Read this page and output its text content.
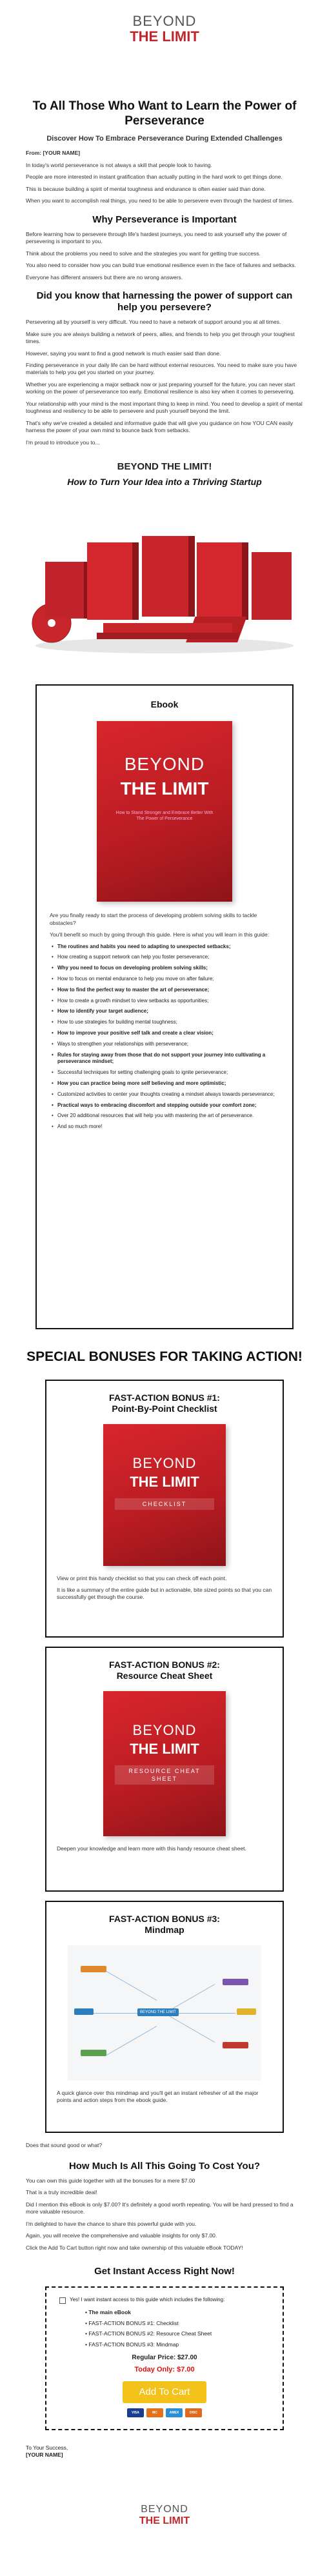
BEYOND
THE LIMIT
To All Those Who Want to Learn the Power of Perseverance
Discover How To Embrace Perseverance During Extended Challenges

From: [YOUR NAME]

In today's world perseverance is not always a skill that people look to having.

People are more interested in instant gratification than actually putting in the hard work to get things done.

This is because building a spirit of mental toughness and endurance is often easier said than done.

When you want to accomplish real things, you need to be able to persevere even through the hardest of times.

Why Perseverance is Important

Before learning how to persevere through life's hardest journeys, you need to ask yourself why the power of persevering is important to you.

Think about the problems you need to solve and the strategies you want for getting true success.

You also need to consider how you can build true emotional resilience even in the face of failures and setbacks.

Everyone has different answers but there are no wrong answers.

Did you know that harnessing the power of support can help you persevere?

Persevering all by yourself is very difficult. You need to have a network of support around you at all times.

Make sure you are always building a network of peers, allies, and friends to help you get through your toughest times.

However, saying you want to find a good network is much easier said than done.

Finding perseverance in your daily life can be hard without external resources. You need to make sure you have materials to help you get you started on your journey.

Whether you are experiencing a major setback now or just preparing yourself for the future, you can never start working on the power of perseverance too early. Emotional resilience is also key when it comes to persevering.

Your relationship with your mind is the most important thing to keep in mind. You need to develop a spirit of mental toughness and resiliency to be able to persevere and push yourself beyond the limit.

That's why we've created a detailed and informative guide that will give you guidance on how YOU CAN easily harness the power of your own mind to bounce back from setbacks.

I'm proud to introduce you to...

BEYOND THE LIMIT!
How to Turn Your Idea into a Thriving Startup
Ebook
BEYOND
THE LIMIT
How to Stand Stronger and Embrace Better With The Power of Perseverance

Are you finally ready to start the process of developing problem solving skills to tackle obstacles?

You'll benefit so much by going through this guide. Here is what you will learn in this guide:

• The routines and habits you need to adapting to unexpected setbacks;
• How creating a support network can help you foster perseverance;
• Why you need to focus on developing problem solving skills;
• How to focus on mental endurance to help you move on after failure;
• How to find the perfect way to master the art of perseverance;
• How to create a growth mindset to view setbacks as opportunities;
• How to identify your target audience;
• How to use strategies for building mental toughness;
• How to improve your positive self talk and create a clear vision;
• Ways to strengthen your relationships with perseverance;
• Rules for staying away from those that do not support your journey into cultivating a perseverance mindset;
• Successful techniques for setting challenging goals to ignite perseverance;
• How you can practice being more self believing and more optimistic;
• Customized activities to center your thoughts creating a mindset always towards perseverance;
• Practical ways to embracing discomfort and stepping outside your comfort zone;
• Over 20 additional resources that will help you with mastering the art of perseverance.
• And so much more!
SPECIAL BONUSES FOR TAKING ACTION!
FAST-ACTION BONUS #1:
Point-By-Point Checklist
BEYOND
THE LIMIT
CHECKLIST

View or print this handy checklist so that you can check off each point.

It is like a summary of the entire guide but in actionable, bite sized points so that you can successfully get through the course.

FAST-ACTION BONUS #2:
Resource Cheat Sheet
BEYOND
THE LIMIT
RESOURCE CHEAT SHEET

Deepen your knowledge and learn more with this handy resource cheat sheet.

FAST-ACTION BONUS #3:
Mindmap
BEYOND THE LIMIT

A quick glance over this mindmap and you'll get an instant refresher of all the major points and action steps from the ebook guide.

Does that sound good or what?

How Much Is All This Going To Cost You?

You can own this guide together with all the bonuses for a mere $7.00

That is a truly incredible deal!

Did I mention this eBook is only $7.00? It's definitely a good worth repeating. You will be hard pressed to find a more valuable resource.

I'm delighted to have the chance to share this powerful guide with you.

Again, you will receive the comprehensive and valuable insights for only $7.00.

Click the Add To Cart button right now and take ownership of this valuable eBook TODAY!

Get Instant Access Right Now!
Yes! I want instant access to this guide which includes the following:
• The main eBook
• FAST-ACTION BONUS #1: Checklist
• FAST-ACTION BONUS #2: Resource Cheat Sheet
• FAST-ACTION BONUS #3: Mindmap
Regular Price: $27.00
Today Only: $7.00
Add To Cart
VISA	MC	AMEX	DISC
To Your Success,
[YOUR NAME]
BEYOND
THE LIMIT
